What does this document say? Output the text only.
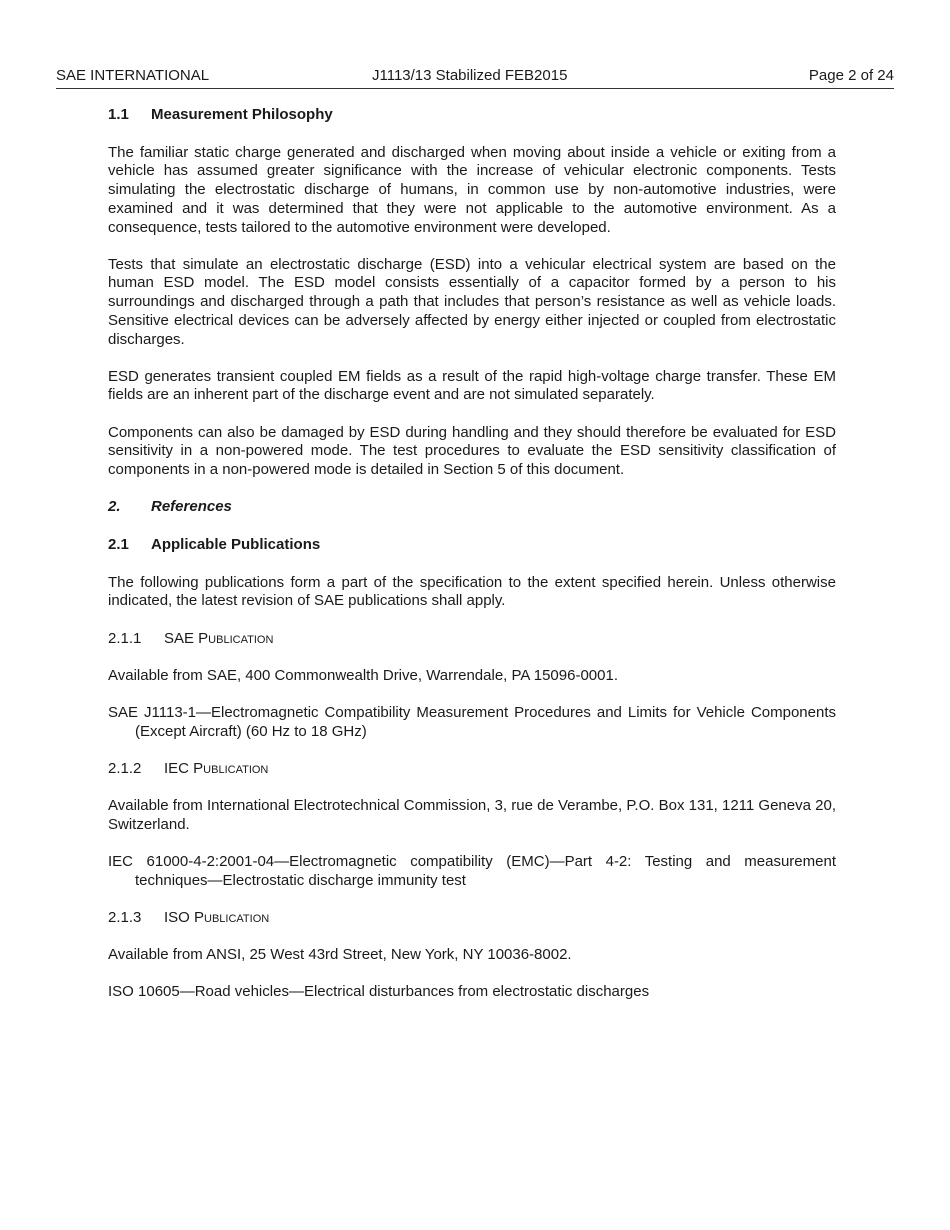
SAE INTERNATIONAL	J1113/13 Stabilized FEB2015	Page 2 of 24
1.1 Measurement Philosophy

The familiar static charge generated and discharged when moving about inside a vehicle or exiting from a vehicle has assumed greater significance with the increase of vehicular electronic components. Tests simulating the electrostatic discharge of humans, in common use by non-automotive industries, were examined and it was determined that they were not applicable to the automotive environment. As a consequence, tests tailored to the automotive environment were developed.

Tests that simulate an electrostatic discharge (ESD) into a vehicular electrical system are based on the human ESD model. The ESD model consists essentially of a capacitor formed by a person to his surroundings and discharged through a path that includes that person’s resistance as well as vehicle loads. Sensitive electrical devices can be adversely affected by energy either injected or coupled from electrostatic discharges.

ESD generates transient coupled EM fields as a result of the rapid high-voltage charge transfer. These EM fields are an inherent part of the discharge event and are not simulated separately.

Components can also be damaged by ESD during handling and they should therefore be evaluated for ESD sensitivity in a non-powered mode. The test procedures to evaluate the ESD sensitivity classification of components in a non-powered mode is detailed in Section 5 of this document.

2. References
2.1 Applicable Publications

The following publications form a part of the specification to the extent specified herein. Unless otherwise indicated, the latest revision of SAE publications shall apply.

2.1.1 SAE Publication

Available from SAE, 400 Commonwealth Drive, Warrendale, PA 15096-0001.

SAE J1113-1—Electromagnetic Compatibility Measurement Procedures and Limits for Vehicle Components (Except Aircraft) (60 Hz to 18 GHz)

2.1.2 IEC Publication

Available from International Electrotechnical Commission, 3, rue de Verambe, P.O. Box 131, 1211 Geneva 20, Switzerland.

IEC 61000-4-2:2001-04—Electromagnetic compatibility (EMC)—Part 4-2: Testing and measurement techniques—Electrostatic discharge immunity test

2.1.3 ISO Publication

Available from ANSI, 25 West 43rd Street, New York, NY 10036-8002.

ISO 10605—Road vehicles—Electrical disturbances from electrostatic discharges
